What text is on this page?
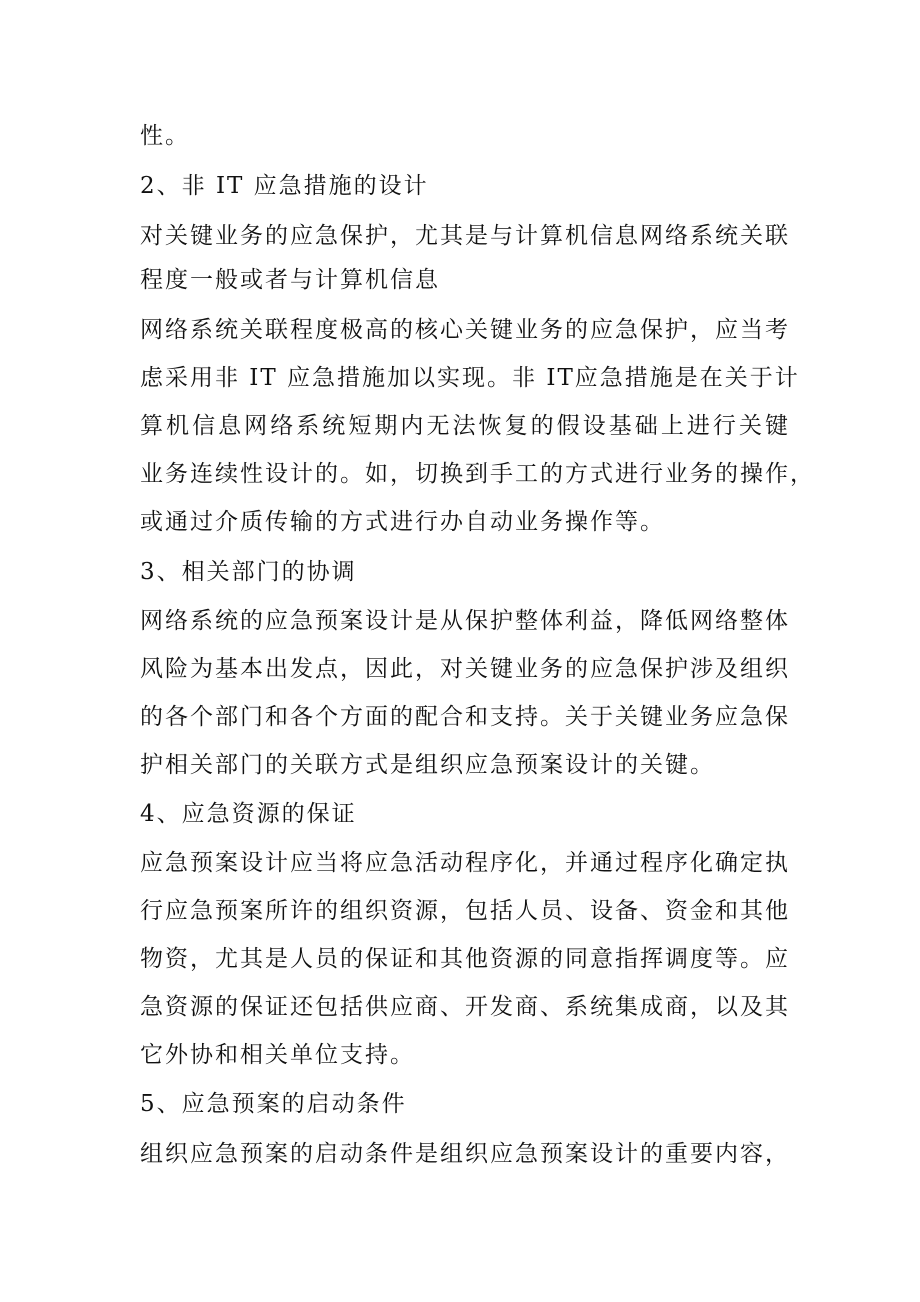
性。
2、非 IT 应急措施的设计
对关键业务的应急保护，尤其是与计算机信息网络系统关联
程度一般或者与计算机信息
网络系统关联程度极高的核心关键业务的应急保护，应当考
虑采用非 IT 应急措施加以实现。非 IT应急措施是在关于计
算机信息网络系统短期内无法恢复的假设基础上进行关键
业务连续性设计的。如，切换到手工的方式进行业务的操作，
或通过介质传输的方式进行办自动业务操作等。
3、相关部门的协调
网络系统的应急预案设计是从保护整体利益，降低网络整体
风险为基本出发点，因此，对关键业务的应急保护涉及组织
的各个部门和各个方面的配合和支持。关于关键业务应急保
护相关部门的关联方式是组织应急预案设计的关键。
4、应急资源的保证
应急预案设计应当将应急活动程序化，并通过程序化确定执
行应急预案所许的组织资源，包括人员、设备、资金和其他
物资，尤其是人员的保证和其他资源的同意指挥调度等。应
急资源的保证还包括供应商、开发商、系统集成商，以及其
它外协和相关单位支持。
5、应急预案的启动条件
组织应急预案的启动条件是组织应急预案设计的重要内容，
